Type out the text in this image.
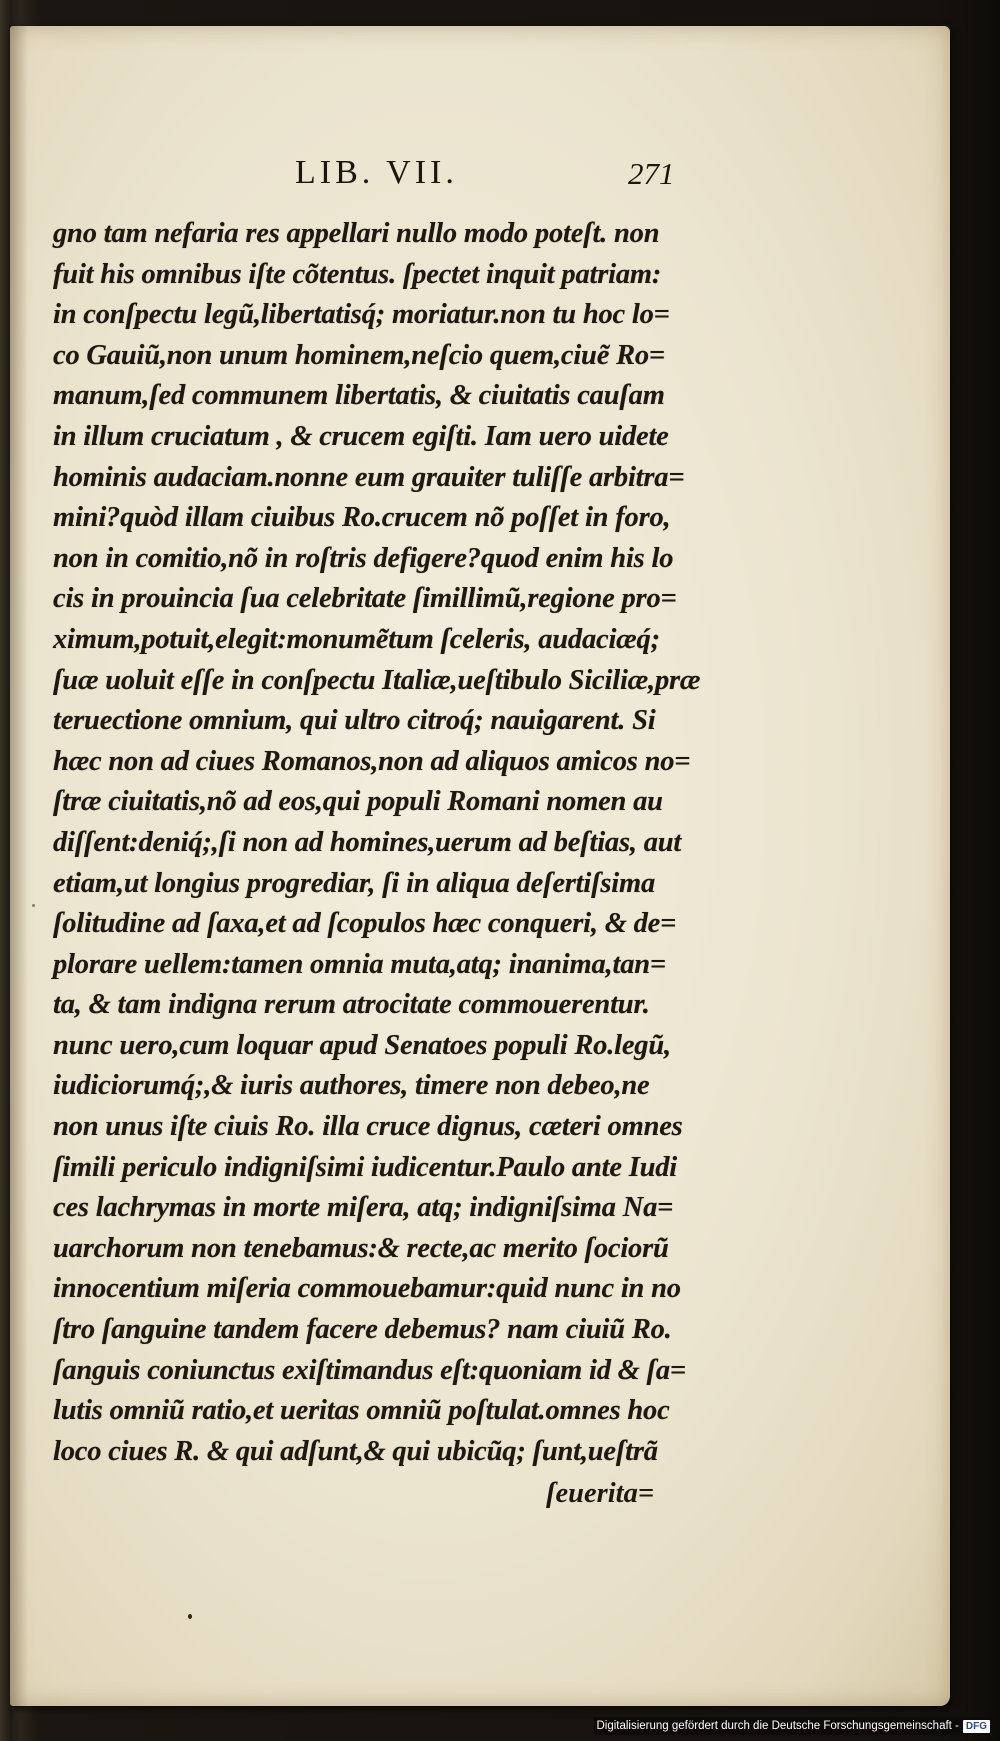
LIB. VII.	271
gno tam nefaria res appellari nullo modo poteſt. non
fuit his omnibus iſte cõtentus. ſpectet inquit patriam:
in conſpectu legũ,libertatisq́; moriatur.non tu hoc lo=
co Gauiũ,non unum hominem,neſcio quem,ciuẽ Ro=
manum,ſed communem libertatis, & ciuitatis cauſam
in illum cruciatum , & crucem egiſti. Iam uero uidete
hominis audaciam.nonne eum grauiter tuliſſe arbitra=
mini?quòd illam ciuibus Ro.crucem nõ poſſet in foro,
non in comitio,nõ in roſtris defigere?quod enim his lo
cis in prouincia ſua celebritate ſimillimũ,regione pro=
ximum,potuit,elegit:monumẽtum ſceleris, audaciæq́;
ſuæ uoluit eſſe in conſpectu Italiæ,ueſtibulo Siciliæ,præ
teruectione omnium, qui ultro citroq́; nauigarent. Si
hæc non ad ciues Romanos,non ad aliquos amicos no=
ſtræ ciuitatis,nõ ad eos,qui populi Romani nomen au
diſſent:deniq́;,ſi non ad homines,uerum ad beſtias, aut
etiam,ut longius progrediar, ſi in aliqua deſertiſsima
ſolitudine ad ſaxa,et ad ſcopulos hæc conqueri, & de=
plorare uellem:tamen omnia muta,atq; inanima,tan=
ta, & tam indigna rerum atrocitate commouerentur.
nunc uero,cum loquar apud Senatoes populi Ro.legũ,
iudiciorumq́;,& iuris authores, timere non debeo,ne
non unus iſte ciuis Ro. illa cruce dignus, cæteri omnes
ſimili periculo indigniſsimi iudicentur.Paulo ante Iudi
ces lachrymas in morte miſera, atq; indigniſsima Na=
uarchorum non tenebamus:& recte,ac merito ſociorũ
innocentium miſeria commouebamur:quid nunc in no
ſtro ſanguine tandem facere debemus? nam ciuiũ Ro.
ſanguis coniunctus exiſtimandus eſt:quoniam id & ſa=
lutis omniũ ratio,et ueritas omniũ poſtulat.omnes hoc
loco ciues R. & qui adſunt,& qui ubicũq; ſunt,ueſtrã
ſeuerita=
Digitalisierung gefördert durch die Deutsche Forschungsgemeinschaft - DFG
